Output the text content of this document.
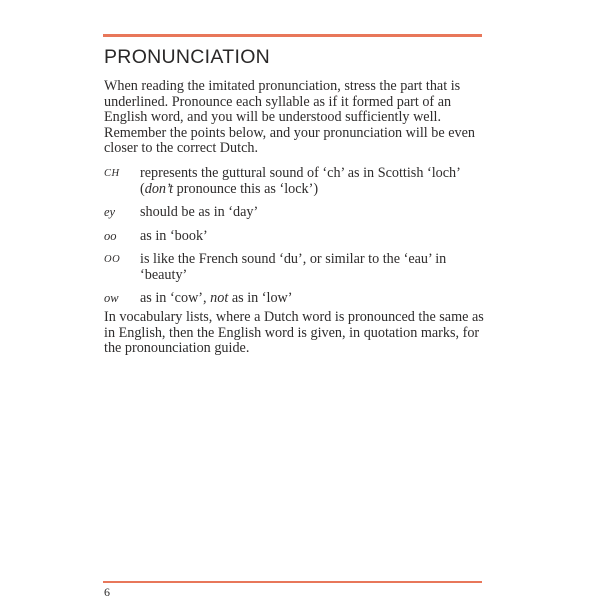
PRONUNCIATION

When reading the imitated pronunciation, stress the part that is underlined. Pronounce each syllable as if it formed part of an English word, and you will be understood sufficiently well. Remember the points below, and your pronunciation will be even closer to the correct Dutch.

CH	represents the guttural sound of ‘ch’ as in Scottish ‘loch’ (don’t pronounce this as ‘lock’)
ey	should be as in ‘day’
oo	as in ‘book’
OO	is like the French sound ‘du’, or similar to the ‘eau’ in ‘beauty’
ow	as in ‘cow’, not as in ‘low’

In vocabulary lists, where a Dutch word is pronounced the same as in English, then the English word is given, in quotation marks, for the pronounciation guide.

6
